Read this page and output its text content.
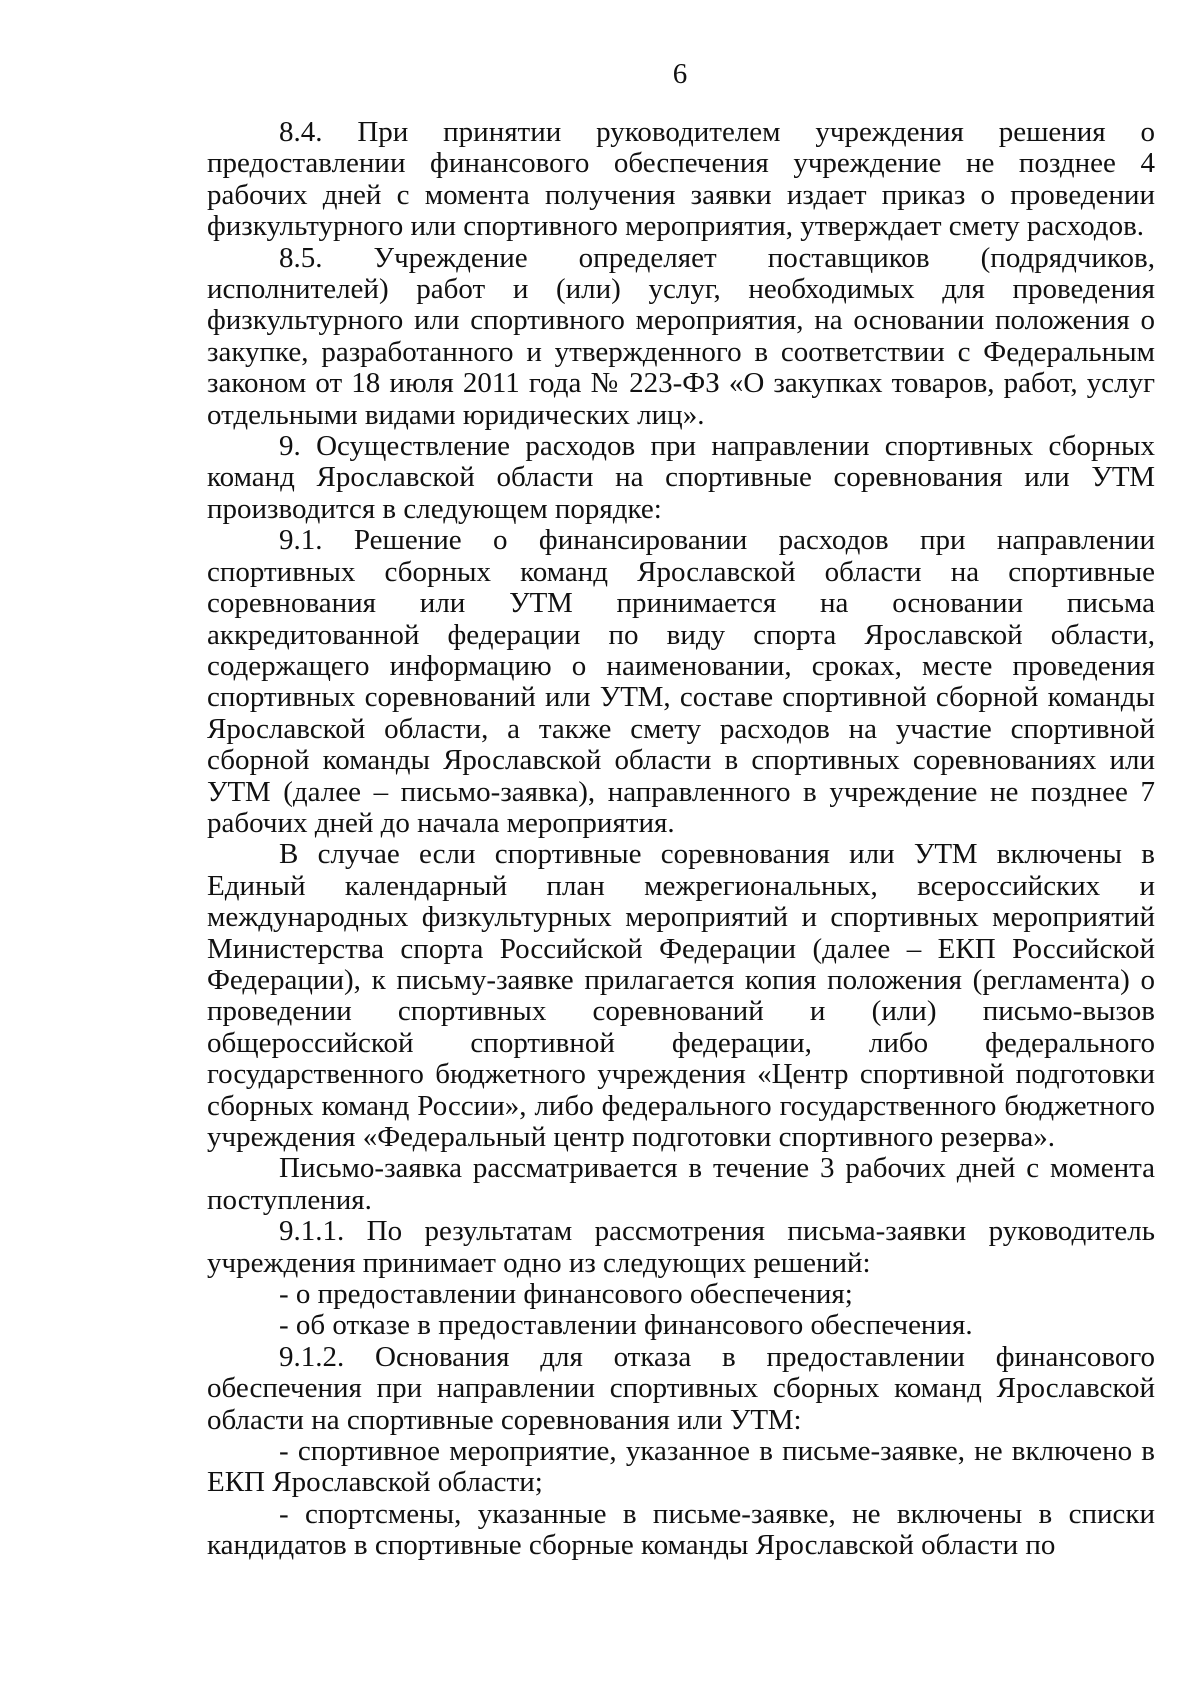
6

8.4. При принятии руководителем учреждения решения о предоставлении финансового обеспечения учреждение не позднее 4 рабочих дней с момента получения заявки издает приказ о проведении физкультурного или спортивного мероприятия, утверждает смету расходов.

8.5. Учреждение определяет поставщиков (подрядчиков, исполнителей) работ и (или) услуг, необходимых для проведения физкультурного или спортивного мероприятия, на основании положения о закупке, разработанного и утвержденного в соответствии с Федеральным законом от 18 июля 2011 года № 223-ФЗ «О закупках товаров, работ, услуг отдельными видами юридических лиц».

9. Осуществление расходов при направлении спортивных сборных команд Ярославской области на спортивные соревнования или УТМ производится в следующем порядке:

9.1. Решение о финансировании расходов при направлении спортивных сборных команд Ярославской области на спортивные соревнования или УТМ принимается на основании письма аккредитованной федерации по виду спорта Ярославской области, содержащего информацию о наименовании, сроках, месте проведения спортивных соревнований или УТМ, составе спортивной сборной команды Ярославской области, а также смету расходов на участие спортивной сборной команды Ярославской области в спортивных соревнованиях или УТМ (далее – письмо-заявка), направленного в учреждение не позднее 7 рабочих дней до начала мероприятия.

В случае если спортивные соревнования или УТМ включены в Единый календарный план межрегиональных, всероссийских и международных физкультурных мероприятий и спортивных мероприятий Министерства спорта Российской Федерации (далее – ЕКП Российской Федерации), к письму-заявке прилагается копия положения (регламента) о проведении спортивных соревнований и (или) письмо-вызов общероссийской спортивной федерации, либо федерального государственного бюджетного учреждения «Центр спортивной подготовки сборных команд России», либо федерального государственного бюджетного учреждения «Федеральный центр подготовки спортивного резерва».

Письмо-заявка рассматривается в течение 3 рабочих дней с момента поступления.

9.1.1. По результатам рассмотрения письма-заявки руководитель учреждения принимает одно из следующих решений:

- о предоставлении финансового обеспечения;

- об отказе в предоставлении финансового обеспечения.

9.1.2. Основания для отказа в предоставлении финансового обеспечения при направлении спортивных сборных команд Ярославской области на спортивные соревнования или УТМ:

- спортивное мероприятие, указанное в письме-заявке, не включено в ЕКП Ярославской области;

- спортсмены, указанные в письме-заявке, не включены в списки кандидатов в спортивные сборные команды Ярославской области по
